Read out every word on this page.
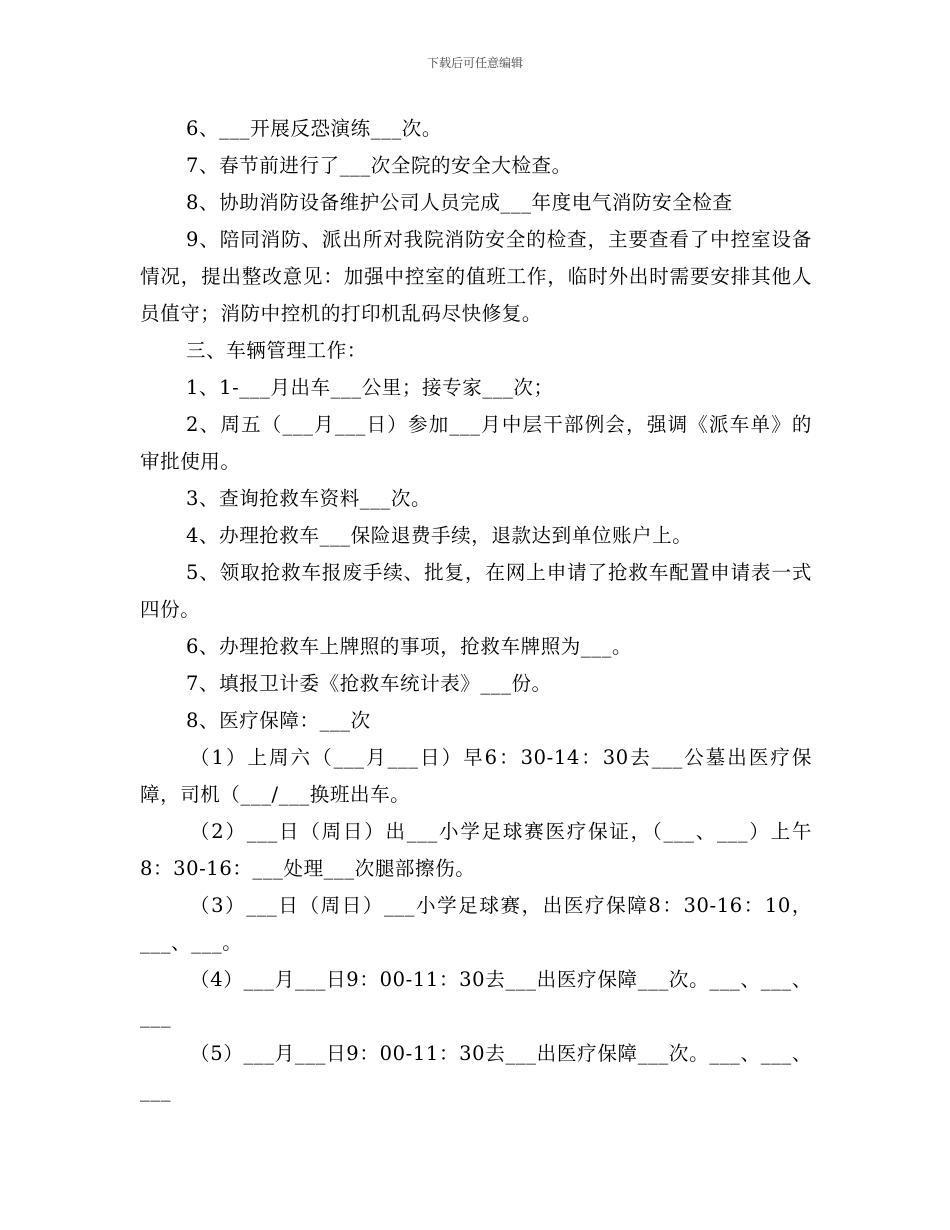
下载后可任意编辑

6、___开展反恐演练___次。

7、春节前进行了___次全院的安全大检查。

8、协助消防设备维护公司人员完成___年度电气消防安全检查

9、陪同消防、派出所对我院消防安全的检查，主要查看了中控室设备情况，提出整改意见：加强中控室的值班工作，临时外出时需要安排其他人员值守；消防中控机的打印机乱码尽快修复。

三、车辆管理工作：

1、1-___月出车___公里；接专家___次；

2、周五（___月___日）参加___月中层干部例会，强调《派车单》的审批使用。

3、查询抢救车资料___次。

4、办理抢救车___保险退费手续，退款达到单位账户上。

5、领取抢救车报废手续、批复，在网上申请了抢救车配置申请表一式四份。

6、办理抢救车上牌照的事项，抢救车牌照为___。

7、填报卫计委《抢救车统计表》___份。

8、医疗保障：___次

（1）上周六（___月___日）早6：30-14：30去___公墓出医疗保障，司机（___/___换班出车。

（2）___日（周日）出___小学足球赛医疗保证，（___、___）上午8：30-16：___处理___次腿部擦伤。

（3）___日（周日）___小学足球赛，出医疗保障8：30-16：10，___、___。

（4）___月___日9：00-11：30去___出医疗保障___次。___、___、___

（5）___月___日9：00-11：30去___出医疗保障___次。___、___、___
